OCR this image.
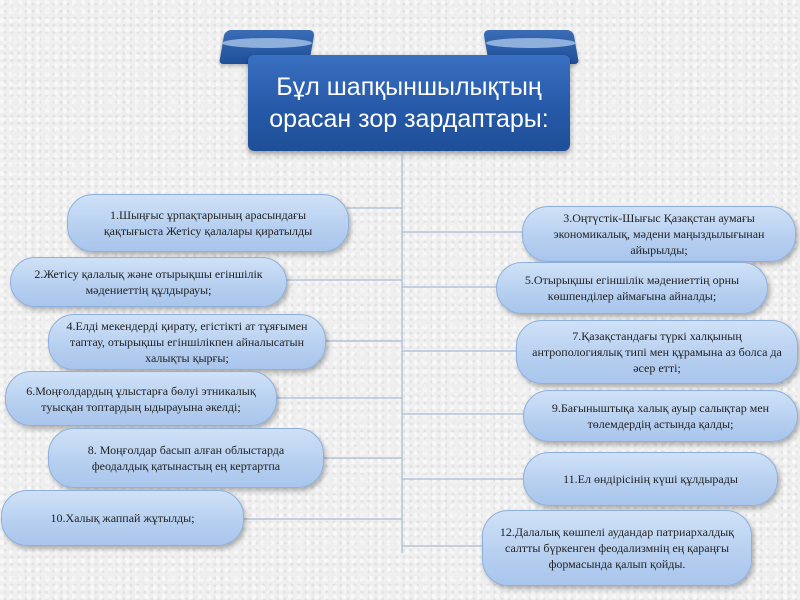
Бұл шапқыншылықтың
орасан зор зардаптары:
1.Шыңғыс ұрпақтарының арасындағы қақтығыста Жетісу қалалары қиратылды
2.Жетісу қалалық және отырықшы егіншілік мәдениеттің құлдырауы;
4.Елді мекендерді қирату, егістікті ат тұяғымен таптау, отырықшы егіншілікпен айналысатын халықты қырғы;
6.Моңғолдардың ұлыстарға бөлуі этникалық туысқан топтардың ыдырауына әкелді;
8. Моңғолдар басып алған облыстарда феодалдық қатынастың ең кертартпа
10.Халық жаппай жұтылды;
3.Оңтүстік-Шығыс Қазақстан аумағы экономикалық, мәдени маңыздылығынан айырылды;
5.Отырықшы егіншілік мәдениеттің орны көшпенділер аймағына айналды;
7.Қазақстандағы түркі халқының антропологиялық типі мен құрамына аз болса да әсер етті;
9.Бағыныштықа халық ауыр салықтар мен төлемдердің астында қалды;
11.Ел өндірісінің күші құлдырады
12.Далалық көшпелі аудандар патриархалдық салтты бүркенген феодализмнің ең қараңғы формасында қалып қойды.
